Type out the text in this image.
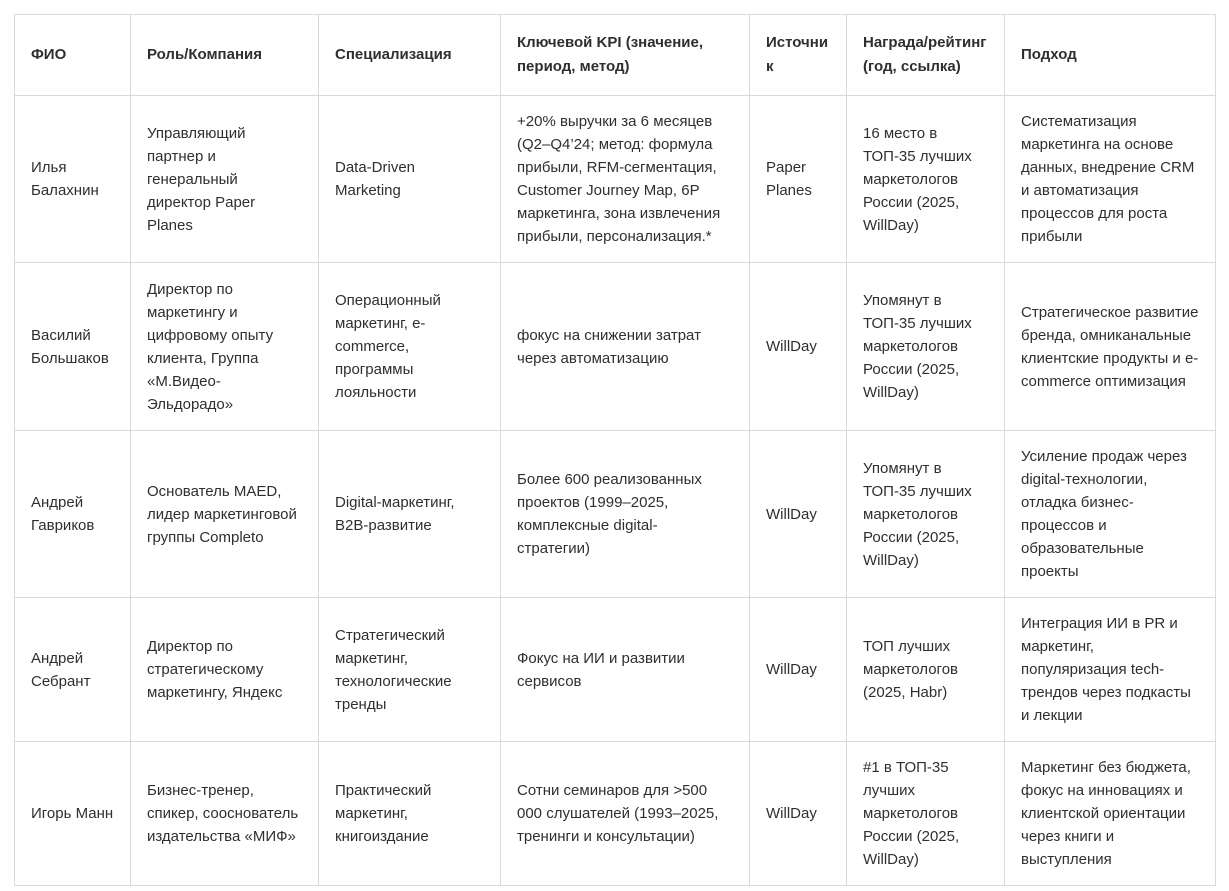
ФИО	Роль/Компания	Специализация	Ключевой KPI (значение, период, метод)	Источник	Награда/рейтинг (год, ссылка)	Подход
Илья Балахнин	Управляющий партнер и генеральный директор Paper Planes	Data-Driven Marketing	+20% выручки за 6 месяцев (Q2–Q4’24; метод: формула прибыли, RFM-сегментация, Customer Journey Map, 6P маркетинга, зона извлечения прибыли, персонализация.*	Paper Planes	16 место в ТОП-35 лучших маркетологов России (2025, WillDay)	Систематизация маркетинга на основе данных, внедрение CRM и автоматизация процессов для роста прибыли
Василий Большаков	Директор по маркетингу и цифровому опыту клиента, Группа «М.Видео-Эльдорадо»	Операционный маркетинг, e-commerce, программы лояльности	фокус на снижении затрат через автоматизацию	WillDay	Упомянут в ТОП-35 лучших маркетологов России (2025, WillDay)	Стратегическое развитие бренда, омниканальные клиентские продукты и e-commerce оптимизация
Андрей Гавриков	Основатель MAED, лидер маркетинговой группы Completo	Digital-маркетинг, B2B-развитие	Более 600 реализованных проектов (1999–2025, комплексные digital-стратегии)	WillDay	Упомянут в ТОП-35 лучших маркетологов России (2025, WillDay)	Усиление продаж через digital-технологии, отладка бизнес-процессов и образовательные проекты
Андрей Себрант	Директор по стратегическому маркетингу, Яндекс	Стратегический маркетинг, технологические тренды	Фокус на ИИ и развитии сервисов	WillDay	ТОП лучших маркетологов (2025, Habr)	Интеграция ИИ в PR и маркетинг, популяризация tech-трендов через подкасты и лекции
Игорь Манн	Бизнес-тренер, спикер, сооснователь издательства «МИФ»	Практический маркетинг, книгоиздание	Сотни семинаров для >500 000 слушателей (1993–2025, тренинги и консультации)	WillDay	#1 в ТОП-35 лучших маркетологов России (2025, WillDay)	Маркетинг без бюджета, фокус на инновациях и клиентской ориентации через книги и выступления
